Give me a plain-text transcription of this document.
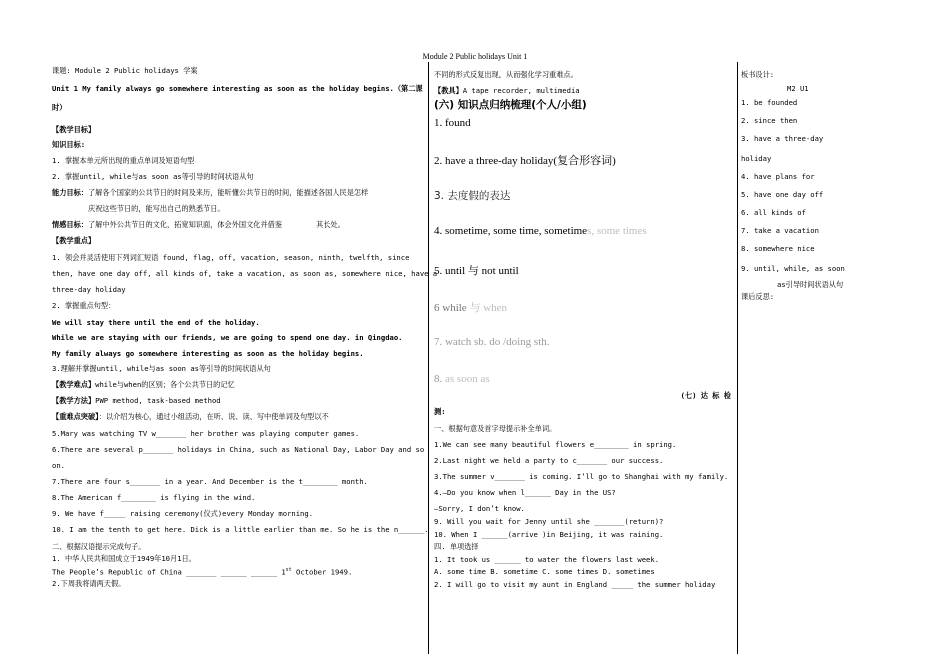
Module 2 Public holidays Unit 1
课题: Module 2 Public holidays 学案
Unit 1 My family always go somewhere interesting as soon as the holiday begins.（第二课
时）
【教学目标】
知识目标:
1. 掌握本单元所出现的重点单词及短语句型
2. 掌握until, while与as soon as等引导的时间状语从句
能力目标：了解各个国家的公共节日的时间及来历，能听懂公共节日的时间，能描述各国人民是怎样
庆祝这些节日的，能写出自己的熟悉节日。
情感目标：了解中外公共节日的文化，拓宽知识面，体会外国文化并借鉴	其长处。
【教学重点】
1. 领会并灵活使用下列词汇短语 found, flag, off, vacation, season, ninth, twelfth, since
then, have one day off, all kinds of, take a vacation, as soon as, somewhere nice, have a
three-day holiday
2. 掌握重点句型：
We will stay there until the end of the holiday.
While we are staying with our friends, we are going to spend one day. in Qingdao.
My family always go somewhere interesting as soon as the holiday begins.
3.理解并掌握until, while与as soon as等引导的时间状语从句
【教学难点】while与when的区别；各个公共节日的记忆
【教学方法】PWP method, task-based method
【重难点突破】：以介绍为核心，通过小组活动，在听、说、读、写中使单词及句型以不
5.Mary was watching TV w_______ her brother was playing computer games.
6.There are several p_______ holidays in China, such as National Day, Labor Day and so
on.
7.There are four s_______ in a year. And December is the t________ month.
8.The American f________ is flying in the wind.
9. We have f_____ raising ceremony(仪式)every Monday morning.
10. I am the tenth to get here. Dick is a little earlier than me. So he is the n______.
二、根据汉语提示完成句子。
1. 中华人民共和国成立于1949年10月1日。
The People’s Republic of China _______ ______ ______ 1st October 1949.
2.下周我将请两天假。
不同的形式反复出现，从而强化学习重难点。
【教具】A tape recorder, multimedia
(六) 知识点归纳梳理(个人/小组)
1. found
2. have a three-day holiday(复合形容词)
3. 去度假的表达
4. sometime, some time, sometimes, some times
5. until 与 not until
6 while 与 when
7. watch sb. do /doing sth.
8. as soon as
(七) 达 标 检
测:
一、根据句意及首字母提示补全单词。
1.We can see many beautiful flowers e________ in spring.
2.Last night we held a party to c_______ our success.
3.The summer v_______ is coming. I’ll go to Shanghai with my family.
4.—Do you know when l______ Day in the US?
—Sorry, I don’t know.
9. Will you wait for Jenny until she _______(return)?
10. When I ______(arrive )in Beijing, it was raining.
四. 单项选择
1. It took us ______ to water the flowers last week.
A. some time B. sometime C. some times D. sometimes
2. I will go to visit my aunt in England _____ the summer holiday
板书设计:
M2 U1
1. be founded
2. since then
3. have a three-day
holiday
4. have plans for
5. have one day off
6. all kinds of
7. take a vacation
8. somewhere nice
9. until, while, as soon
as引导时间状语从句
课后反思:
